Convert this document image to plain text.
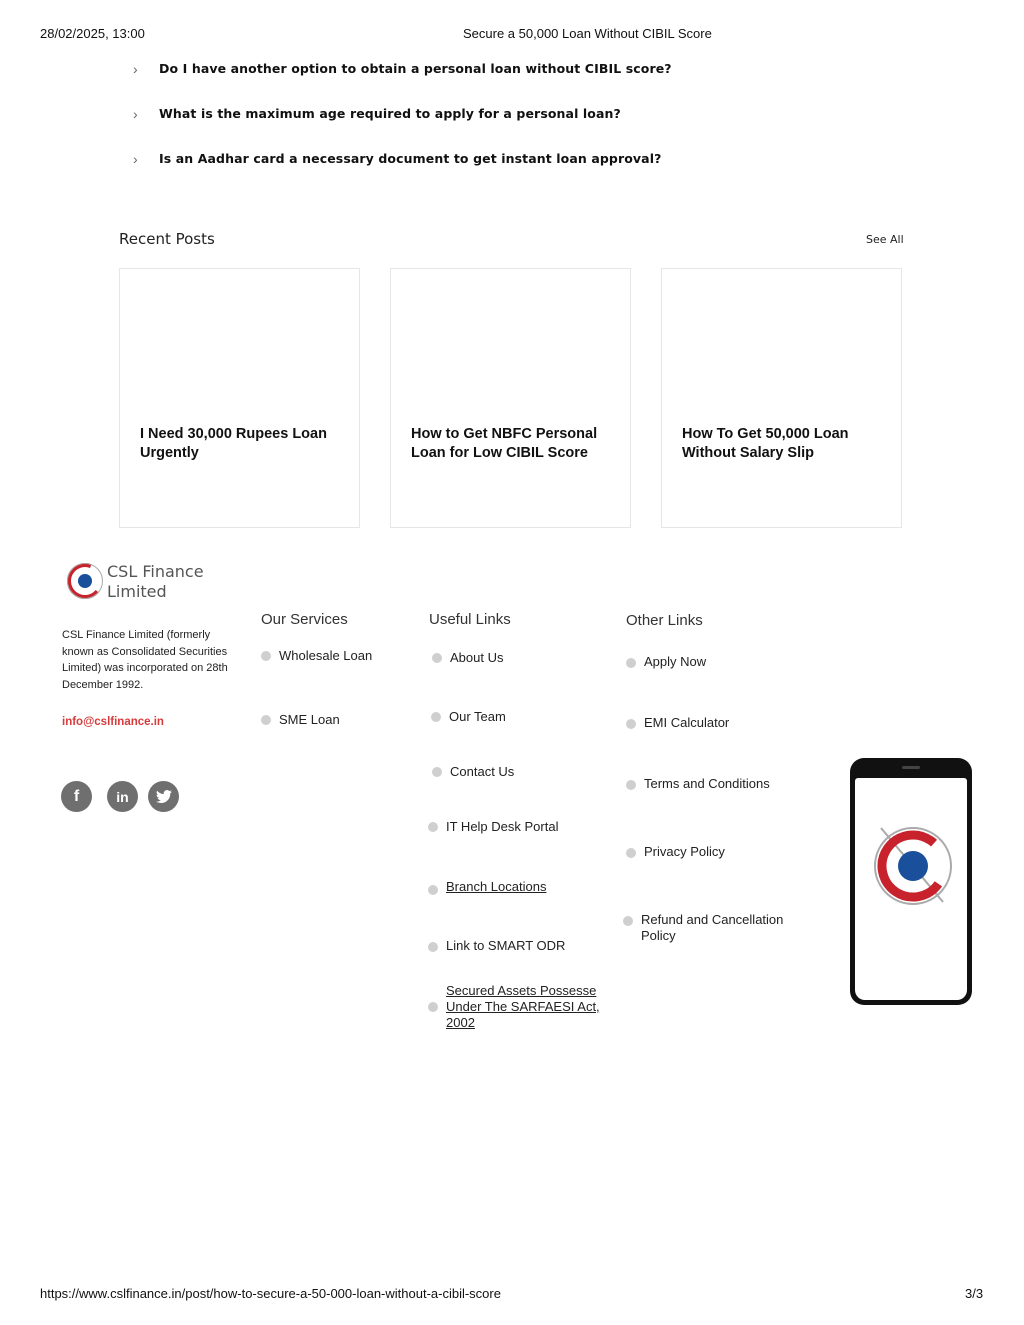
28/02/2025, 13:00	Secure a 50,000 Loan Without CIBIL Score
›	Do I have another option to obtain a personal loan without CIBIL score?
›	What is the maximum age required to apply for a personal loan?
›	Is an Aadhar card a necessary document to get instant loan approval?
Recent Posts	See All
I Need 30,000 Rupees Loan Urgently
How to Get NBFC Personal Loan for Low CIBIL Score
How To Get 50,000 Loan Without Salary Slip
CSL Finance
Limited
CSL Finance Limited (formerly known as Consolidated Securities Limited) was incorporated on 28th December 1992.
info@cslfinance.in
f	in
Our Services
Wholesale Loan
SME Loan
Useful Links
About Us
Our Team
Contact Us
IT Help Desk Portal
Branch Locations
Link to SMART ODR
Secured Assets Possesse Under The SARFAESI Act, 2002
Other Links
Apply Now
EMI Calculator
Terms and Conditions
Privacy Policy
Refund and Cancellation Policy
https://www.cslfinance.in/post/how-to-secure-a-50-000-loan-without-a-cibil-score	3/3
